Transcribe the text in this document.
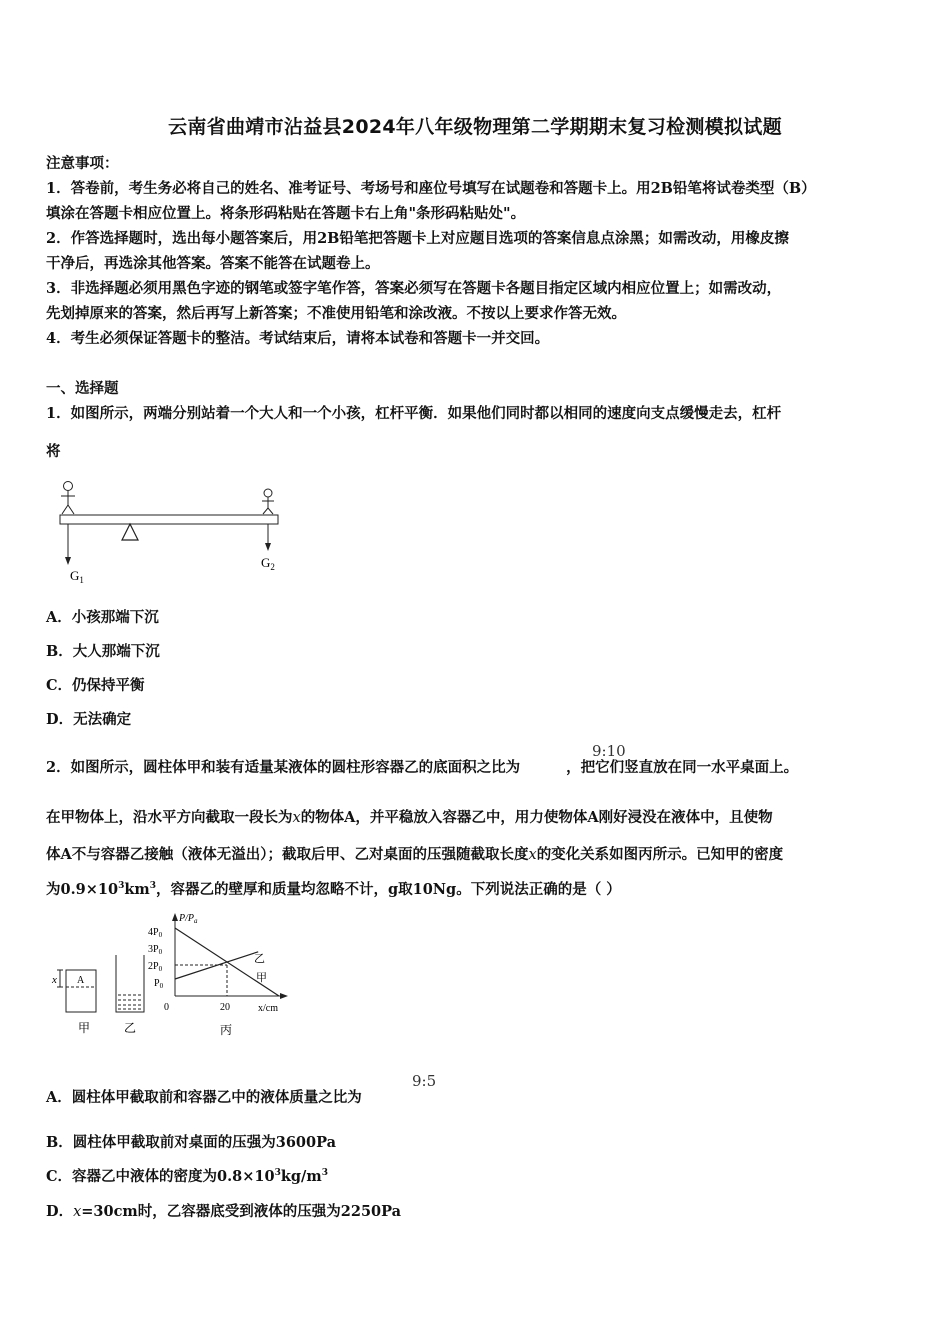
云南省曲靖市沾益县2024年八年级物理第二学期期末复习检测模拟试题
注意事项：
1．答卷前，考生务必将自己的姓名、准考证号、考场号和座位号填写在试题卷和答题卡上。用2B铅笔将试卷类型（B）
填涂在答题卡相应位置上。将条形码粘贴在答题卡右上角"条形码粘贴处"。
2．作答选择题时，选出每小题答案后，用2B铅笔把答题卡上对应题目选项的答案信息点涂黑；如需改动，用橡皮擦
干净后，再选涂其他答案。答案不能答在试题卷上。
3．非选择题必须用黑色字迹的钢笔或签字笔作答，答案必须写在答题卡各题目指定区域内相应位置上；如需改动，
先划掉原来的答案，然后再写上新答案；不准使用铅笔和涂改液。不按以上要求作答无效。
4．考生必须保证答题卡的整洁。考试结束后，请将本试卷和答题卡一并交回。
一、选择题
1．如图所示，两端分别站着一个大人和一个小孩，杠杆平衡．如果他们同时都以相同的速度向支点缓慢走去，杠杆
将
$G_1$
$G_2$
A．小孩那端下沉
B．大人那端下沉
C．仍保持平衡
D．无法确定
2．如图所示，圆柱体甲和装有适量某液体的圆柱形容器乙的底面积之比为	，把它们竖直放在同一水平桌面上。
9:10
在甲物体上，沿水平方向截取一段长为x的物体A，并平稳放入容器乙中，用力使物体A刚好浸没在液体中，且使物
体A不与容器乙接触（液体无溢出）；截取后甲、乙对桌面的压强随截取长度x的变化关系如图丙所示。已知甲的密度
为$0.9\times 10^3km^3$，容器乙的壁厚和质量均忽略不计，g取10Ng。下列说法正确的是（ ）
x A
甲	乙
$P/P_a$
x/cm
$4P_0$
$3P_0$
$2P_0$
$P_0$
0	20
乙
甲
丙
A．圆柱体甲截取前和容器乙中的液体质量之比为
9:5
B．圆柱体甲截取前对桌面的压强为3600Pa
C．容器乙中液体的密度为$0.8\times 10^3kg/m^3$
D．x=30cm时，乙容器底受到液体的压强为2250Pa
